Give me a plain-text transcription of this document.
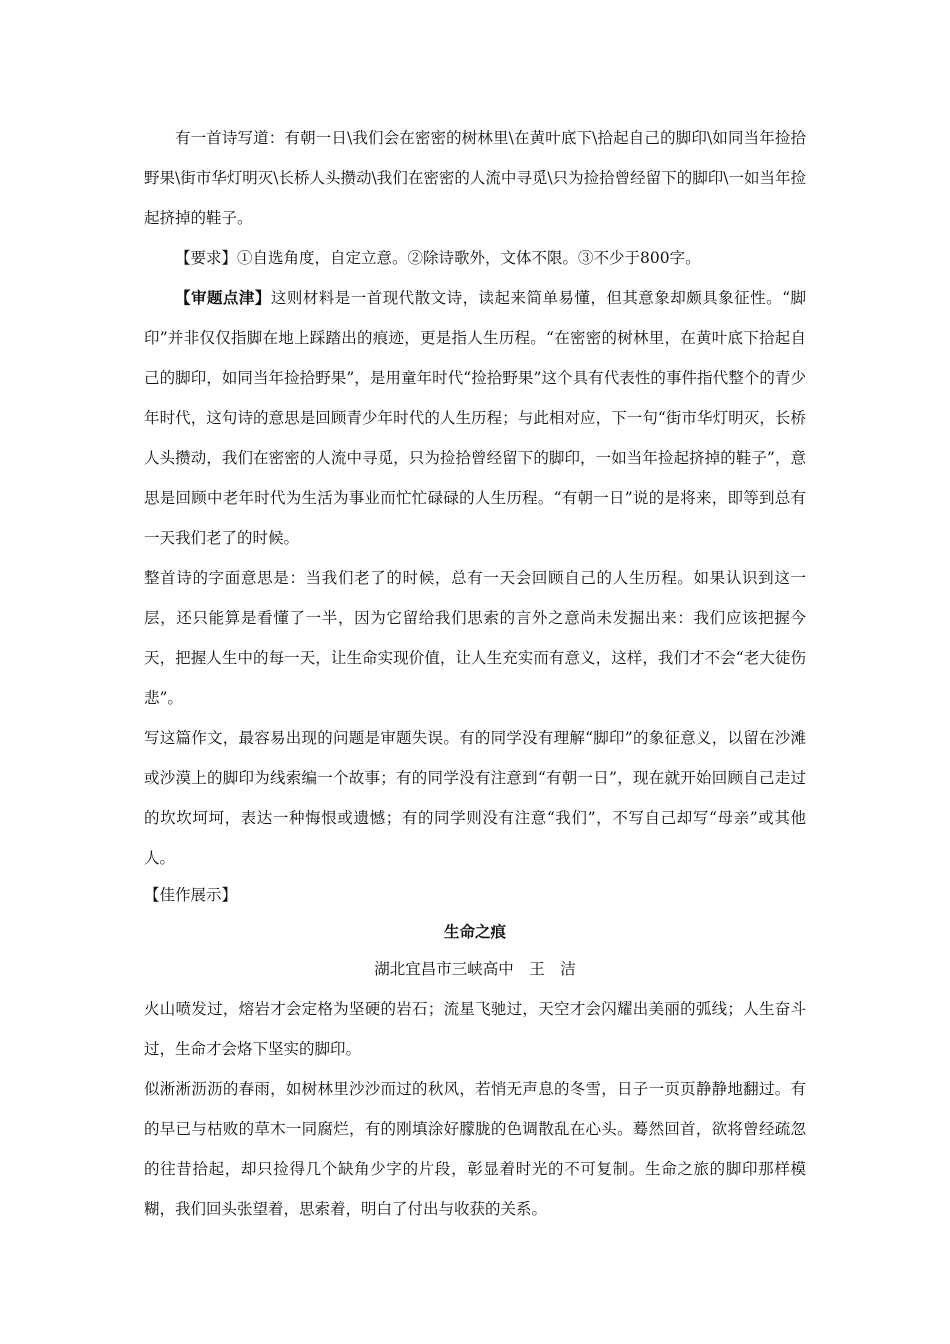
有一首诗写道：有朝一日\我们会在密密的树林里\在黄叶底下\拾起自己的脚印\如同当年捡拾野果\街市华灯明灭\长桥人头攒动\我们在密密的人流中寻觅\只为捡拾曾经留下的脚印\一如当年捡起挤掉的鞋子。

【要求】①自选角度，自定立意。②除诗歌外，文体不限。③不少于800字。

【审题点津】这则材料是一首现代散文诗，读起来简单易懂，但其意象却颇具象征性。“脚印”并非仅仅指脚在地上踩踏出的痕迹，更是指人生历程。“在密密的树林里，在黄叶底下拾起自己的脚印，如同当年捡拾野果”，是用童年时代“捡拾野果”这个具有代表性的事件指代整个的青少年时代，这句诗的意思是回顾青少年时代的人生历程；与此相对应，下一句“街市华灯明灭，长桥人头攒动，我们在密密的人流中寻觅，只为捡拾曾经留下的脚印，一如当年捡起挤掉的鞋子”，意思是回顾中老年时代为生活为事业而忙忙碌碌的人生历程。“有朝一日”说的是将来，即等到总有一天我们老了的时候。

整首诗的字面意思是：当我们老了的时候，总有一天会回顾自己的人生历程。如果认识到这一层，还只能算是看懂了一半，因为它留给我们思索的言外之意尚未发掘出来：我们应该把握今天，把握人生中的每一天，让生命实现价值，让人生充实而有意义，这样，我们才不会“老大徒伤悲”。

写这篇作文，最容易出现的问题是审题失误。有的同学没有理解“脚印”的象征意义，以留在沙滩或沙漠上的脚印为线索编一个故事；有的同学没有注意到“有朝一日”，现在就开始回顾自己走过的坎坎坷坷，表达一种悔恨或遗憾；有的同学则没有注意“我们”，不写自己却写“母亲”或其他人。

【佳作展示】

生命之痕

湖北宜昌市三峡高中　王　洁

火山喷发过，熔岩才会定格为坚硬的岩石；流星飞驰过，天空才会闪耀出美丽的弧线；人生奋斗过，生命才会烙下坚实的脚印。

似淅淅沥沥的春雨，如树林里沙沙而过的秋风，若悄无声息的冬雪，日子一页页静静地翻过。有的早已与枯败的草木一同腐烂，有的刚填涂好朦胧的色调散乱在心头。蓦然回首，欲将曾经疏忽的往昔拾起，却只捡得几个缺角少字的片段，彰显着时光的不可复制。生命之旅的脚印那样模糊，我们回头张望着，思索着，明白了付出与收获的关系。
